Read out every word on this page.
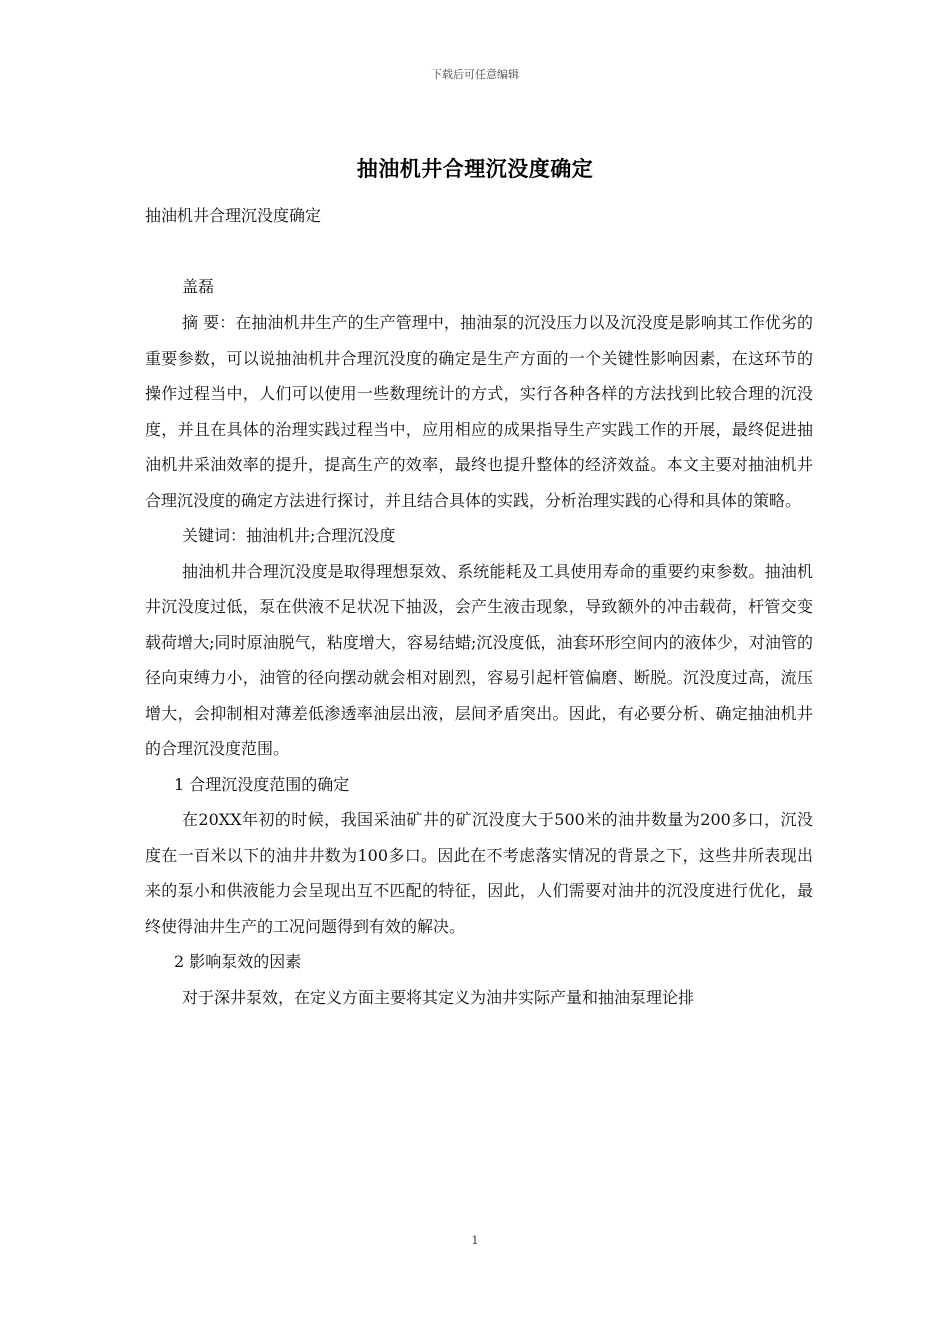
下载后可任意编辑
抽油机井合理沉没度确定

抽油机井合理沉没度确定

盖磊

摘 要：在抽油机井生产的生产管理中，抽油泵的沉没压力以及沉没度是影响其工作优劣的重要参数，可以说抽油机井合理沉没度的确定是生产方面的一个关键性影响因素，在这环节的操作过程当中，人们可以使用一些数理统计的方式，实行各种各样的方法找到比较合理的沉没度，并且在具体的治理实践过程当中，应用相应的成果指导生产实践工作的开展，最终促进抽油机井采油效率的提升，提高生产的效率，最终也提升整体的经济效益。本文主要对抽油机井合理沉没度的确定方法进行探讨，并且结合具体的实践，分析治理实践的心得和具体的策略。

关键词：抽油机井;合理沉没度

抽油机井合理沉没度是取得理想泵效、系统能耗及工具使用寿命的重要约束参数。抽油机井沉没度过低，泵在供液不足状况下抽汲，会产生液击现象，导致额外的冲击载荷，杆管交变载荷增大;同时原油脱气，粘度增大，容易结蜡;沉没度低，油套环形空间内的液体少，对油管的径向束缚力小，油管的径向摆动就会相对剧烈，容易引起杆管偏磨、断脱。沉没度过高，流压增大，会抑制相对薄差低渗透率油层出液，层间矛盾突出。因此，有必要分析、确定抽油机井的合理沉没度范围。

1 合理沉没度范围的确定

在20XX年初的时候，我国采油矿井的矿沉没度大于500米的油井数量为200多口，沉没度在一百米以下的油井井数为100多口。因此在不考虑落实情况的背景之下，这些井所表现出来的泵小和供液能力会呈现出互不匹配的特征，因此，人们需要对油井的沉没度进行优化，最终使得油井生产的工况问题得到有效的解决。

2 影响泵效的因素

对于深井泵效，在定义方面主要将其定义为油井实际产量和抽油泵理论排

1
